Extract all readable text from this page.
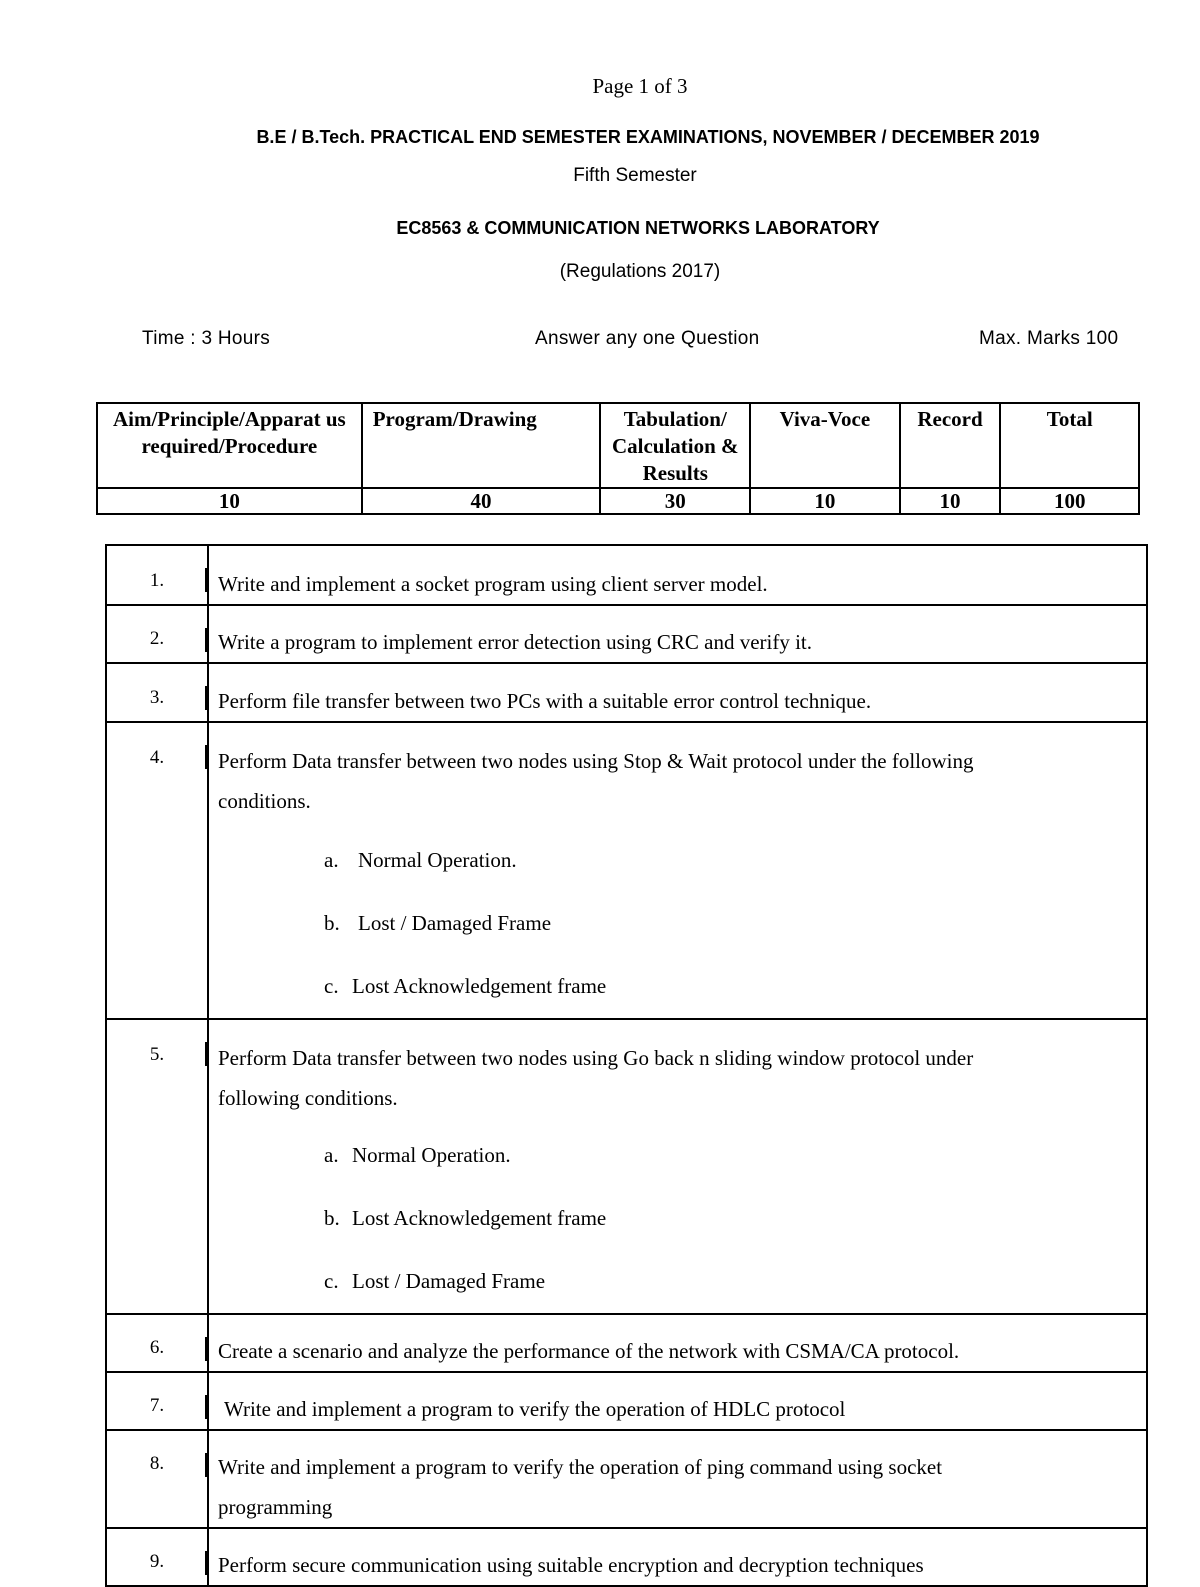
Page 1 of 3
B.E / B.Tech. PRACTICAL END SEMESTER EXAMINATIONS, NOVEMBER / DECEMBER 2019
Fifth Semester
EC8563 & COMMUNICATION NETWORKS LABORATORY
(Regulations 2017)
Time : 3 Hours	Answer any one Question	Max. Marks 100
Aim/Principle/Apparat us required/Procedure	Program/Drawing	Tabulation/ Calculation & Results	Viva-Voce	Record	Total
10	40	30	10	10	100
1.	Write and implement a socket program using client server model.

2.	Write a program to implement error detection using CRC and verify it.

3.	Perform file transfer between two PCs with a suitable error control technique.

4.	Perform Data transfer between two nodes using Stop & Wait protocol under the following
conditions.
a. Normal Operation.
b. Lost / Damaged Frame
c. Lost Acknowledgement frame

5.	Perform Data transfer between two nodes using Go back n sliding window protocol under
following conditions.
a. Normal Operation.
b. Lost Acknowledgement frame
c. Lost / Damaged Frame

6.	Create a scenario and analyze the performance of the network with CSMA/CA protocol.

7.	Write and implement a program to verify the operation of HDLC protocol

8.	Write and implement a program to verify the operation of ping command using socket
programming

9.	Perform secure communication using suitable encryption and decryption techniques
